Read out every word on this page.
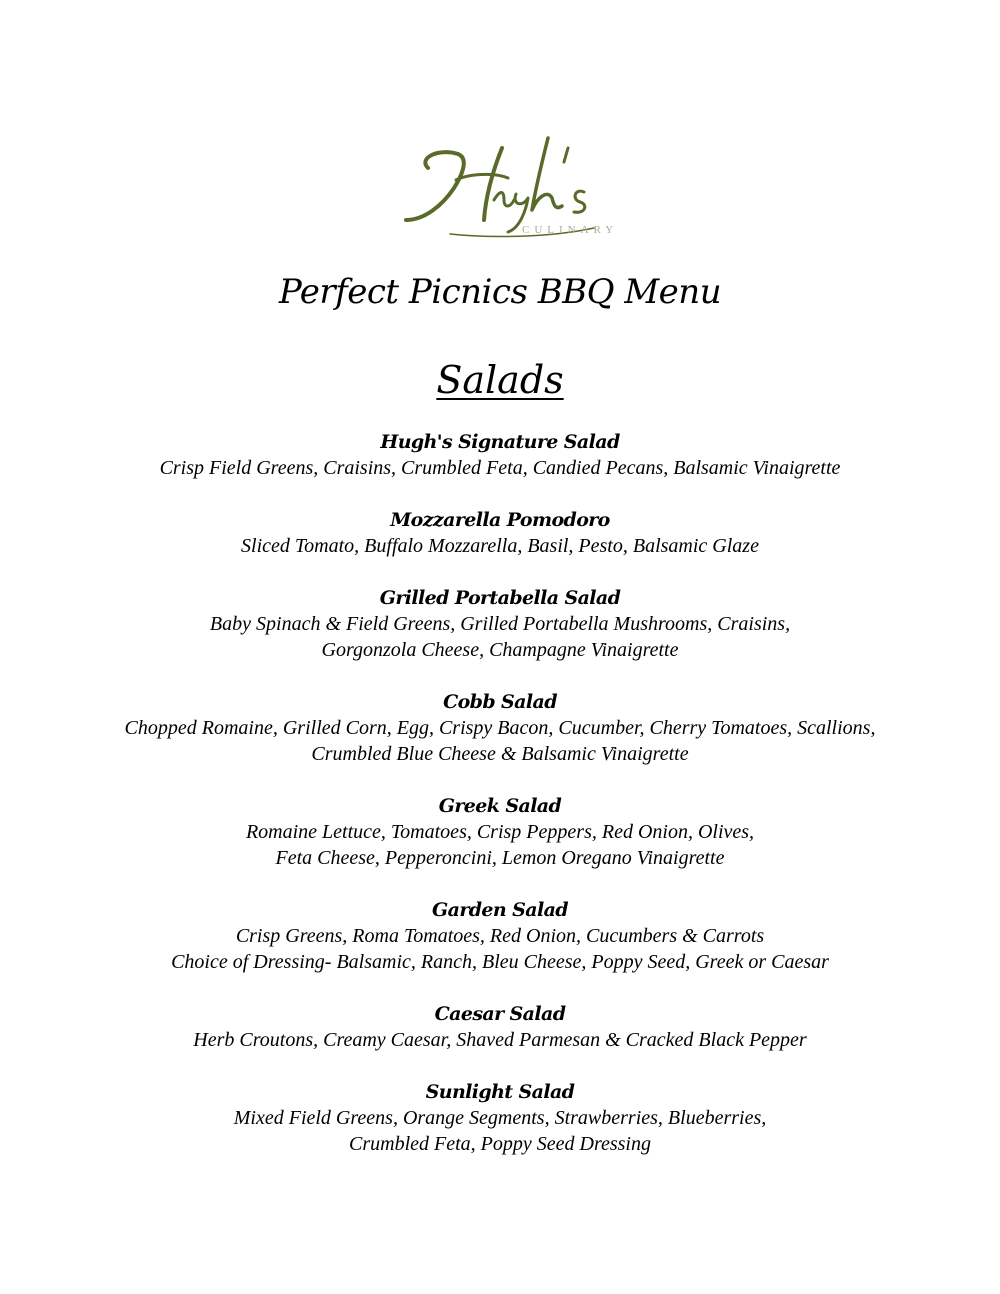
CULINARY
Perfect Picnics BBQ Menu
Salads
Hugh's Signature Salad
Crisp Field Greens, Craisins, Crumbled Feta, Candied Pecans, Balsamic Vinaigrette
Mozzarella Pomodoro
Sliced Tomato, Buffalo Mozzarella, Basil, Pesto, Balsamic Glaze
Grilled Portabella Salad
Baby Spinach & Field Greens, Grilled Portabella Mushrooms, Craisins,
Gorgonzola Cheese, Champagne Vinaigrette
Cobb Salad
Chopped Romaine, Grilled Corn, Egg, Crispy Bacon, Cucumber, Cherry Tomatoes, Scallions,
Crumbled Blue Cheese & Balsamic Vinaigrette
Greek Salad
Romaine Lettuce, Tomatoes, Crisp Peppers, Red Onion, Olives,
Feta Cheese, Pepperoncini, Lemon Oregano Vinaigrette
Garden Salad
Crisp Greens, Roma Tomatoes, Red Onion, Cucumbers & Carrots
Choice of Dressing- Balsamic, Ranch, Bleu Cheese, Poppy Seed, Greek or Caesar
Caesar Salad
Herb Croutons, Creamy Caesar, Shaved Parmesan & Cracked Black Pepper
Sunlight Salad
Mixed Field Greens, Orange Segments, Strawberries, Blueberries,
Crumbled Feta, Poppy Seed Dressing
